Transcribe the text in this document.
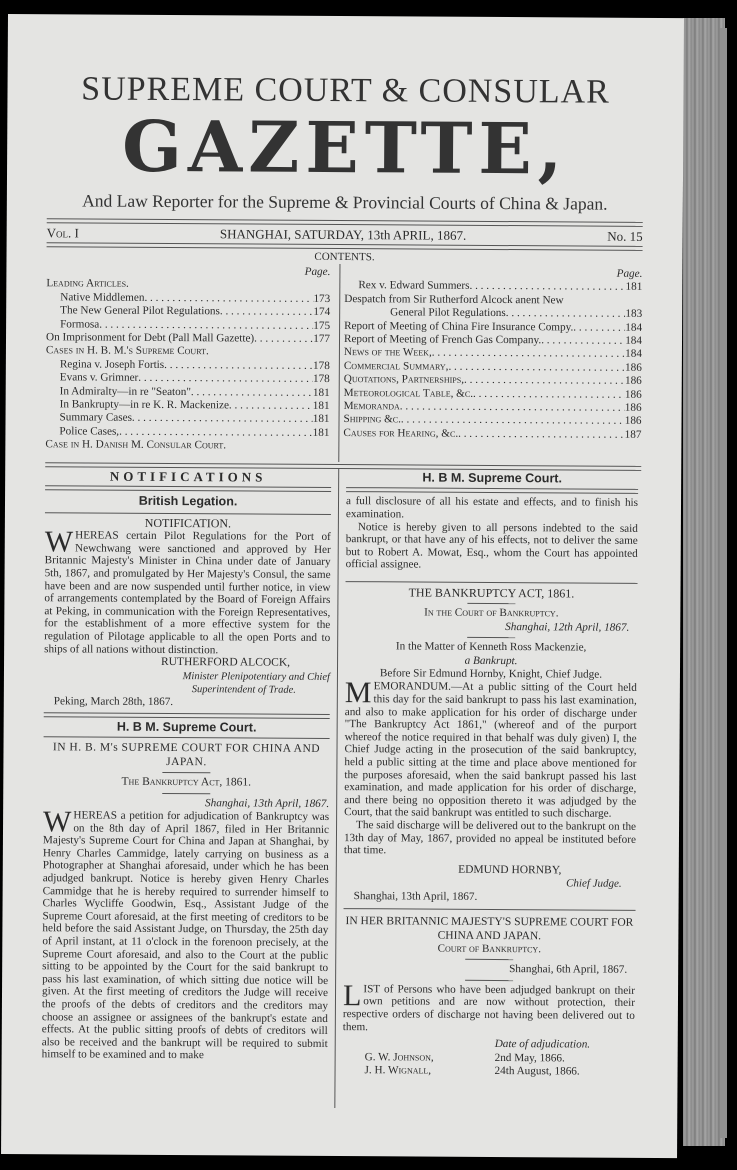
SUPREME COURT & CONSULAR
GAZETTE,
And Law Reporter for the Supreme & Provincial Courts of China & Japan.
Vol. I	SHANGHAI, SATURDAY, 13th APRIL, 1867.	No. 15
CONTENTS.
Page.
Leading Articles.
Native Middlemen . . .	173
The New General Pilot Regulations . . .	174
Formosa . . .	175
On Imprisonment for Debt (Pall Mall Gazette) . . .	177
Cases in H. B. M.'s Supreme Court.
Regina v. Joseph Fortis . . .	178
Evans v. Grimner . . .	178
In Admiralty—in re "Seaton" . . .	181
In Bankrupty—in re K. R. Mackenize . . .	181
Summary Cases . . .	181
Police Cases, . . .	181
Case in H. Danish M. Consular Court.
Page.
Rex v. Edward Summers . . .	181
Despatch from Sir Rutherford Alcock anent New
General Pilot Regulations . . .	183
Report of Meeting of China Fire Insurance Compy. . . .	184
Report of Meeting of French Gas Company. . . .	184
News of the Week, . . .	184
Commercial Summary, . . .	186
Quotations, Partnerships, . . .	186
Meteorological Table, &c. . . .	186
Memoranda . . .	186
Shipping &c. . . .	186
Causes for Hearing, &c. . . .	187
NOTIFICATIONS
British Legation.
NOTIFICATION.
WHEREAS certain Pilot Regulations for the Port of Newchwang were sanctioned and approved by Her Britannic Majesty's Minister in China under date of January 5th, 1867, and promulgated by Her Majesty's Consul, the same have been and are now suspended until further notice, in view of arrangements contemplated by the Board of Foreign Affairs at Peking, in communication with the Foreign Representatives, for the establishment of a more effective system for the regulation of Pilotage applicable to all the open Ports and to ships of all nations without distinction.
RUTHERFORD ALCOCK,
Minister Plenipotentiary and Chief
Superintendent of Trade.
Peking, March 28th, 1867.
H. B M. Supreme Court.
IN H. B. M's SUPREME COURT FOR CHINA AND JAPAN.
The Bankruptcy Act, 1861.
Shanghai, 13th April, 1867.
WHEREAS a petition for adjudication of Bankruptcy was on the 8th day of April 1867, filed in Her Britannic Majesty's Supreme Court for China and Japan at Shanghai, by Henry Charles Cammidge, lately carrying on business as a Photographer at Shanghai aforesaid, under which he has been adjudged bankrupt. Notice is hereby given Henry Charles Cammidge that he is hereby required to surrender himself to Charles Wycliffe Goodwin, Esq., Assistant Judge of the Supreme Court aforesaid, at the first meeting of creditors to be held before the said Assistant Judge, on Thursday, the 25th day of April instant, at 11 o'clock in the forenoon precisely, at the Supreme Court aforesaid, and also to the Court at the public sitting to be appointed by the Court for the said bankrupt to pass his last examination, of which sitting due notice will be given. At the first meeting of creditors the Judge will receive the proofs of the debts of creditors and the creditors may choose an assignee or assignees of the bankrupt's estate and effects. At the public sitting proofs of debts of creditors will also be received and the bankrupt will be required to submit himself to be examined and to make
H. B M. Supreme Court.
a full disclosure of all his estate and effects, and to finish his examination.
Notice is hereby given to all persons indebted to the said bankrupt, or that have any of his effects, not to deliver the same but to Robert A. Mowat, Esq., whom the Court has appointed official assignee.
THE BANKRUPTCY ACT, 1861.
In the Court of Bankruptcy.
Shanghai, 12th April, 1867.
In the Matter of Kenneth Ross Mackenzie,
a Bankrupt.
Before Sir Edmund Hornby, Knight, Chief Judge.
MEMORANDUM.—At a public sitting of the Court held this day for the said bankrupt to pass his last examination, and also to make application for his order of discharge under "The Bankruptcy Act 1861," (whereof and of the purport whereof the notice required in that behalf was duly given) I, the Chief Judge acting in the prosecution of the said bankruptcy, held a public sitting at the time and place above mentioned for the purposes aforesaid, when the said bankrupt passed his last examination, and made application for his order of discharge, and there being no opposition thereto it was adjudged by the Court, that the said bankrupt was entitled to such discharge.
The said discharge will be delivered out to the bankrupt on the 13th day of May, 1867, provided no appeal be instituted before that time.
EDMUND HORNBY,
Chief Judge.
Shanghai, 13th April, 1867.
IN HER BRITANNIC MAJESTY'S SUPREME COURT FOR CHINA AND JAPAN.
Court of Bankruptcy.
Shanghai, 6th April, 1867.
LIST of Persons who have been adjudged bankrupt on their own petitions and are now without protection, their respective orders of discharge not having been delivered out to them.
Date of adjudication.
G. W. Johnson,	2nd May, 1866.
J. H. Wignall,	24th August, 1866.
